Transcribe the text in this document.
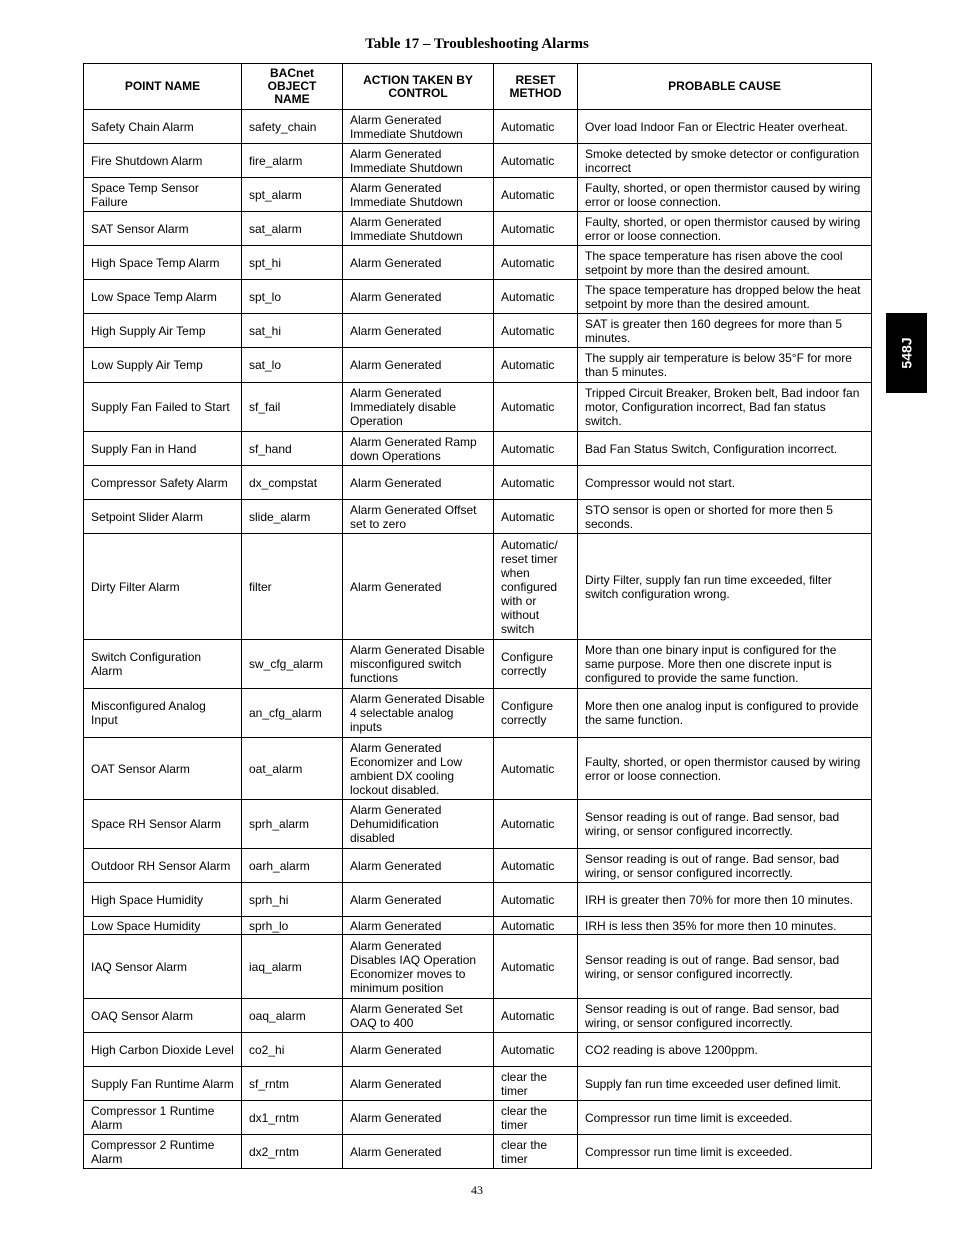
Table 17 – Troubleshooting Alarms
POINT NAME	BACnet OBJECT NAME	ACTION TAKEN BY CONTROL	RESET METHOD	PROBABLE CAUSE
Safety Chain Alarm	safety_chain	Alarm Generated Immediate Shutdown	Automatic	Over load Indoor Fan or Electric Heater overheat.
Fire Shutdown Alarm	fire_alarm	Alarm Generated Immediate Shutdown	Automatic	Smoke detected by smoke detector or configuration incorrect
Space Temp Sensor Failure	spt_alarm	Alarm Generated Immediate Shutdown	Automatic	Faulty, shorted, or open thermistor caused by wiring error or loose connection.
SAT Sensor Alarm	sat_alarm	Alarm Generated Immediate Shutdown	Automatic	Faulty, shorted, or open thermistor caused by wiring error or loose connection.
High Space Temp Alarm	spt_hi	Alarm Generated	Automatic	The space temperature has risen above the cool setpoint by more than the desired amount.
Low Space Temp Alarm	spt_lo	Alarm Generated	Automatic	The space temperature has dropped below the heat setpoint by more than the desired amount.
High Supply Air Temp	sat_hi	Alarm Generated	Automatic	SAT is greater then 160 degrees for more than 5 minutes.
Low Supply Air Temp	sat_lo	Alarm Generated	Automatic	The supply air temperature is below 35°F for more than 5 minutes.
Supply Fan Failed to Start	sf_fail	Alarm Generated Immediately disable Operation	Automatic	Tripped Circuit Breaker, Broken belt, Bad indoor fan motor, Configuration incorrect, Bad fan status switch.
Supply Fan in Hand	sf_hand	Alarm Generated Ramp down Operations	Automatic	Bad Fan Status Switch, Configuration incorrect.
Compressor Safety Alarm	dx_compstat	Alarm Generated	Automatic	Compressor would not start.
Setpoint Slider Alarm	slide_alarm	Alarm Generated Offset set to zero	Automatic	STO sensor is open or shorted for more then 5 seconds.
Dirty Filter Alarm	filter	Alarm Generated	Automatic/ reset timer when configured with or without switch	Dirty Filter, supply fan run time exceeded, filter switch configuration wrong.
Switch Configuration Alarm	sw_cfg_alarm	Alarm Generated Disable misconfigured switch functions	Configure correctly	More than one binary input is configured for the same purpose. More then one discrete input is configured to provide the same function.
Misconfigured Analog Input	an_cfg_alarm	Alarm Generated Disable 4 selectable analog inputs	Configure correctly	More then one analog input is configured to provide the same function.
OAT Sensor Alarm	oat_alarm	Alarm Generated Economizer and Low ambient DX cooling lockout disabled.	Automatic	Faulty, shorted, or open thermistor caused by wiring error or loose connection.
Space RH Sensor Alarm	sprh_alarm	Alarm Generated Dehumidification disabled	Automatic	Sensor reading is out of range. Bad sensor, bad wiring, or sensor configured incorrectly.
Outdoor RH Sensor Alarm	oarh_alarm	Alarm Generated	Automatic	Sensor reading is out of range. Bad sensor, bad wiring, or sensor configured incorrectly.
High Space Humidity	sprh_hi	Alarm Generated	Automatic	IRH is greater then 70% for more then 10 minutes.
Low Space Humidity	sprh_lo	Alarm Generated	Automatic	IRH is less then 35% for more then 10 minutes.
IAQ Sensor Alarm	iaq_alarm	Alarm Generated Disables IAQ Operation Economizer moves to minimum position	Automatic	Sensor reading is out of range. Bad sensor, bad wiring, or sensor configured incorrectly.
OAQ Sensor Alarm	oaq_alarm	Alarm Generated Set OAQ to 400	Automatic	Sensor reading is out of range. Bad sensor, bad wiring, or sensor configured incorrectly.
High Carbon Dioxide Level	co2_hi	Alarm Generated	Automatic	CO2 reading is above 1200ppm.
Supply Fan Runtime Alarm	sf_rntm	Alarm Generated	clear the timer	Supply fan run time exceeded user defined limit.
Compressor 1 Runtime Alarm	dx1_rntm	Alarm Generated	clear the timer	Compressor run time limit is exceeded.
Compressor 2 Runtime Alarm	dx2_rntm	Alarm Generated	clear the timer	Compressor run time limit is exceeded.
548J
43
